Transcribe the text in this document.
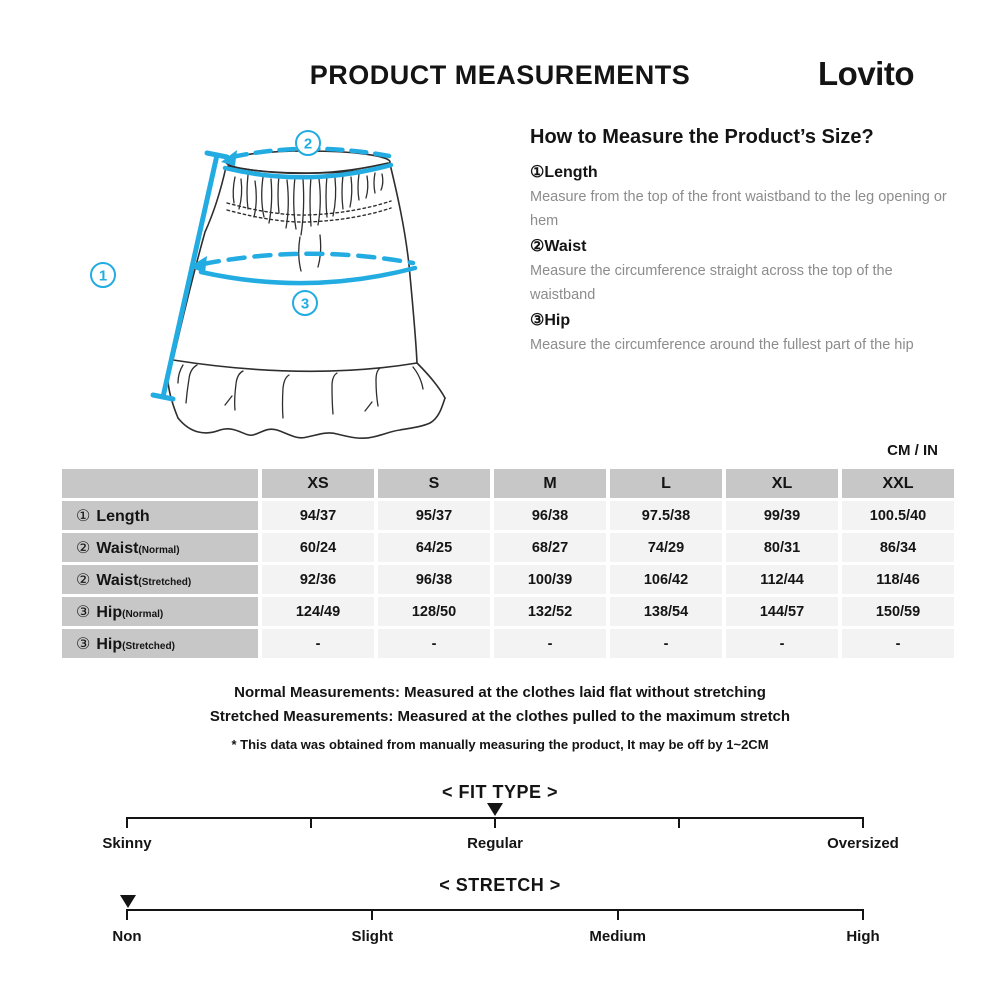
PRODUCT MEASUREMENTS	Lovito
1
2
3
How to Measure the Product’s Size?
①Length

Measure from the top of the front waistband to the leg opening or hem

②Waist

Measure the circumference straight across the top of the waistband

③Hip

Measure the circumference around the fullest part of the hip

CM / IN
	XS	S	M	L	XL	XXL
① Length	94/37	95/37	96/38	97.5/38	99/39	100.5/40
② Waist(Normal)	60/24	64/25	68/27	74/29	80/31	86/34
② Waist(Stretched)	92/36	96/38	100/39	106/42	112/44	118/46
③ Hip(Normal)	124/49	128/50	132/52	138/54	144/57	150/59
③ Hip(Stretched)	-	-	-	-	-	-
Normal Measurements: Measured at the clothes laid flat without stretching
Stretched Measurements: Measured at the clothes pulled to the maximum stretch
* This data was obtained from manually measuring the product, It may be off by 1~2CM
< FIT TYPE >
Skinny	Regular	Oversized
< STRETCH >
Non	Slight	Medium	High
